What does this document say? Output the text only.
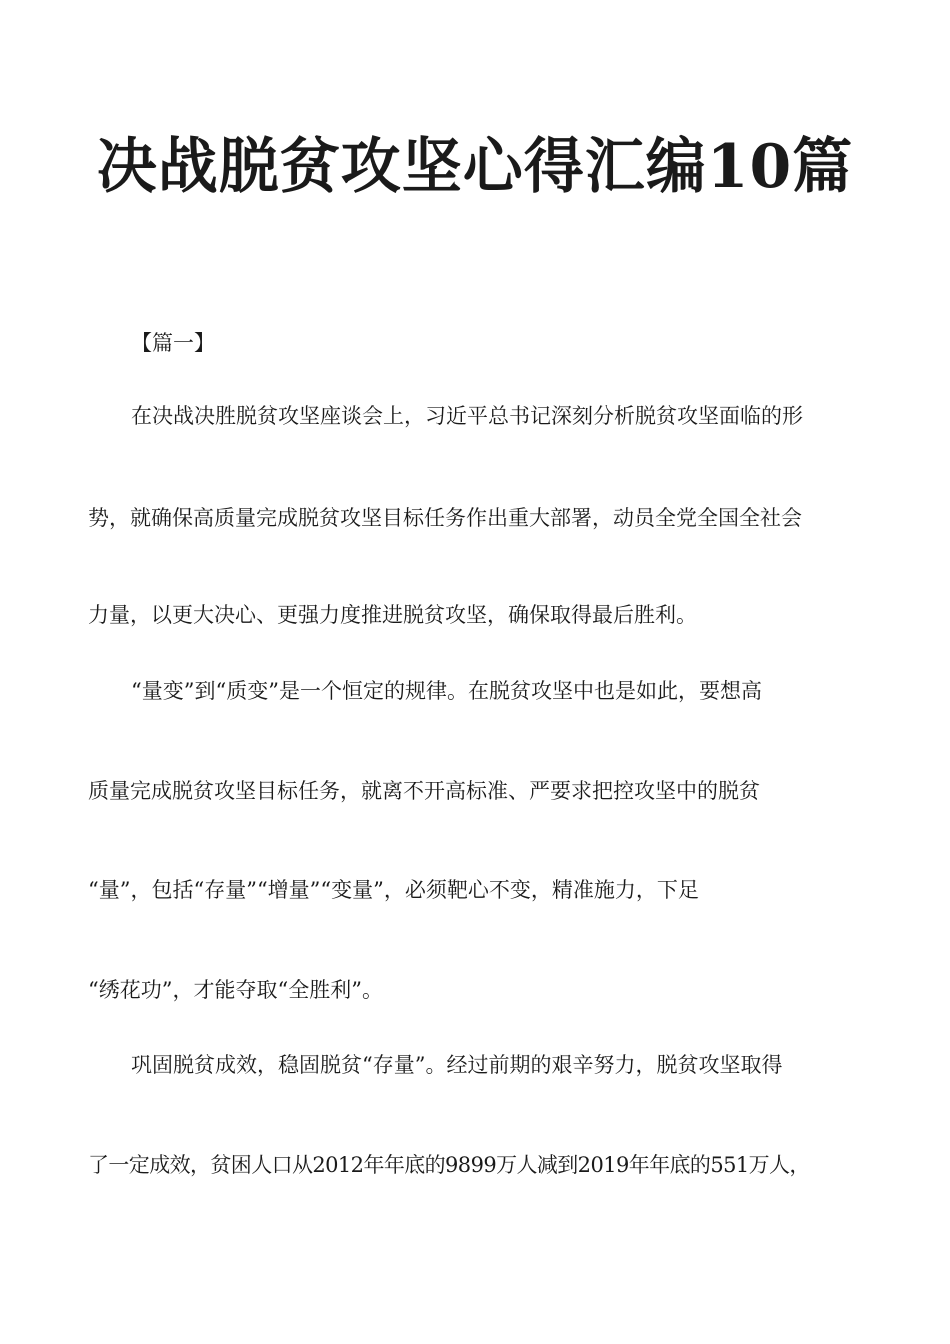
决战脱贫攻坚心得汇编10篇
【篇一】
在决战决胜脱贫攻坚座谈会上，习近平总书记深刻分析脱贫攻坚面临的形
势，就确保高质量完成脱贫攻坚目标任务作出重大部署，动员全党全国全社会
力量，以更大决心、更强力度推进脱贫攻坚，确保取得最后胜利。
“量变”到“质变”是一个恒定的规律。在脱贫攻坚中也是如此，要想高
质量完成脱贫攻坚目标任务，就离不开高标准、严要求把控攻坚中的脱贫
“量”，包括“存量”“增量”“变量”，必须靶心不变，精准施力，下足
“绣花功”，才能夺取“全胜利”。
巩固脱贫成效，稳固脱贫“存量”。经过前期的艰辛努力，脱贫攻坚取得
了一定成效，贫困人口从2012年年底的9899万人减到2019年年底的551万人，
